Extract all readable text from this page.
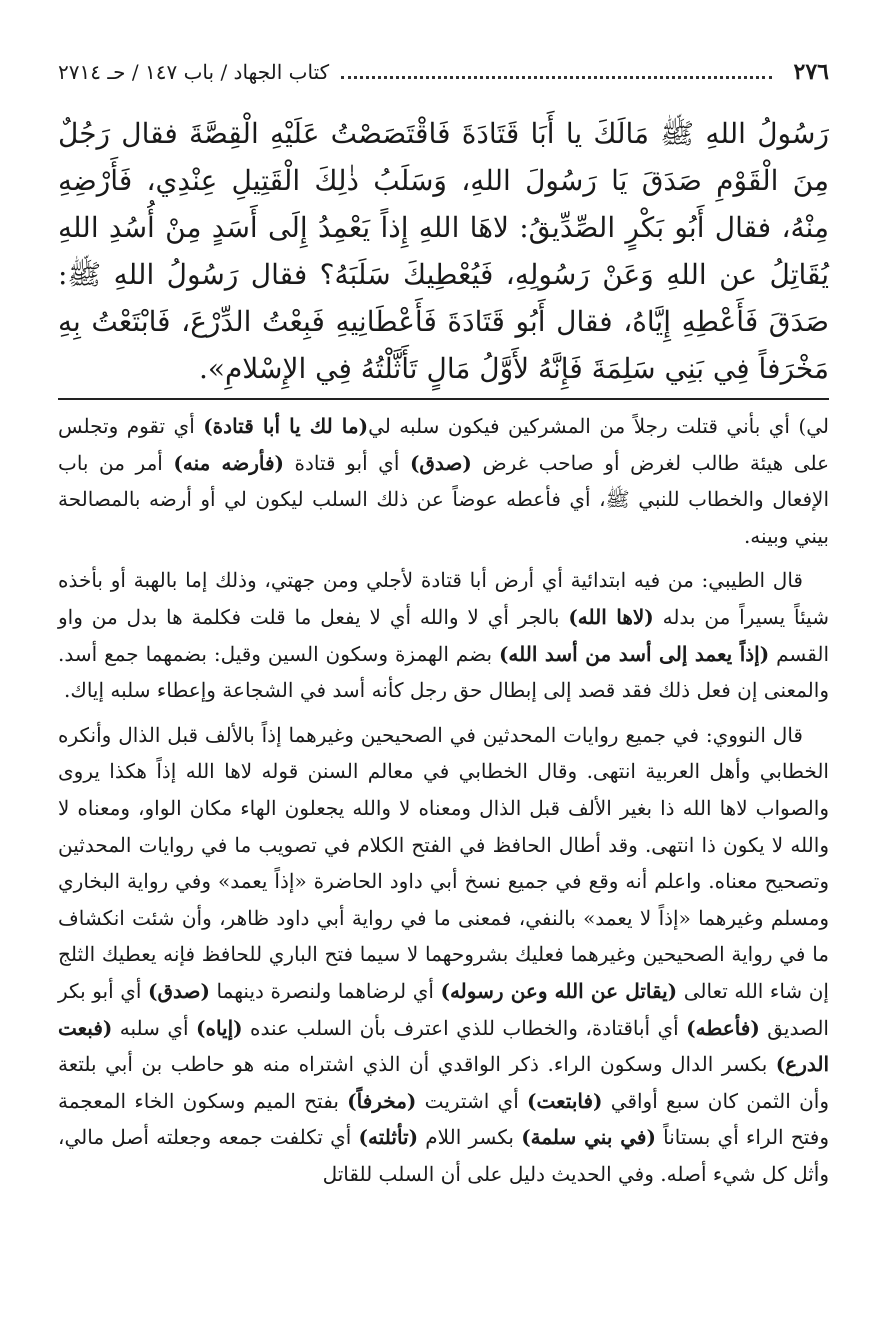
٢٧٦
كتاب الجهاد / باب ١٤٧ / حـ ٢٧١٤

رَسُولُ اللهِ ﷺ مَالَكَ يا أَبَا قَتَادَةَ فَاقْتَصَصْتُ عَلَيْهِ الْقِصَّةَ فقال رَجُلٌ مِنَ الْقَوْمِ صَدَقَ يَا رَسُولَ اللهِ، وَسَلَبُ ذٰلِكَ الْقَتِيلِ عِنْدِي، فَأَرْضِهِ مِنْهُ، فقال أَبُو بَكْرٍ الصِّدِّيقُ: لاهَا اللهِ إِذاً يَعْمِدُ إِلَى أَسَدٍ مِنْ أُسُدِ اللهِ يُقَاتِلُ عن اللهِ وَعَنْ رَسُولِهِ، فَيُعْطِيكَ سَلَبَهُ؟ فقال رَسُولُ اللهِ ﷺ: صَدَقَ فَأَعْطِهِ إِيَّاهُ، فقال أَبُو قَتَادَةَ فَأَعْطَانِيهِ فَبِعْتُ الدِّرْعَ، فَابْتَعْتُ بِهِ مَخْرَفاً فِي بَنِي سَلِمَةَ فَإِنَّهُ لأَوَّلُ مَالٍ تَأَثَّلْتُهُ فِي الإِسْلامِ».

لي) أي بأني قتلت رجلاً من المشركين فيكون سلبه لي(ما لك يا أبا قتادة) أي تقوم وتجلس على هيئة طالب لغرض أو صاحب غرض (صدق) أي أبو قتادة (فأرضه منه) أمر من باب الإفعال والخطاب للنبي ﷺ، أي فأعطه عوضاً عن ذلك السلب ليكون لي أو أرضه بالمصالحة بيني وبينه.

قال الطيبي: من فيه ابتدائية أي أرض أبا قتادة لأجلي ومن جهتي، وذلك إما بالهبة أو بأخذه شيئاً يسيراً من بدله (لاها الله) بالجر أي لا والله أي لا يفعل ما قلت فكلمة ها بدل من واو القسم (إذاً يعمد إلى أسد من أسد الله) بضم الهمزة وسكون السين وقيل: بضمهما جمع أسد. والمعنى إن فعل ذلك فقد قصد إلى إبطال حق رجل كأنه أسد في الشجاعة وإعطاء سلبه إياك.

قال النووي: في جميع روايات المحدثين في الصحيحين وغيرهما إذاً بالألف قبل الذال وأنكره الخطابي وأهل العربية انتهى. وقال الخطابي في معالم السنن قوله لاها الله إذاً هكذا يروى والصواب لاها الله ذا بغير الألف قبل الذال ومعناه لا والله يجعلون الهاء مكان الواو، ومعناه لا والله لا يكون ذا انتهى. وقد أطال الحافظ في الفتح الكلام في تصويب ما في روايات المحدثين وتصحيح معناه. واعلم أنه وقع في جميع نسخ أبي داود الحاضرة «إذاً يعمد» وفي رواية البخاري ومسلم وغيرهما «إذاً لا يعمد» بالنفي، فمعنى ما في رواية أبي داود ظاهر، وأن شئت انكشاف ما في رواية الصحيحين وغيرهما فعليك بشروحهما لا سيما فتح الباري للحافظ فإنه يعطيك الثلج إن شاء الله تعالى (يقاتل عن الله وعن رسوله) أي لرضاهما ولنصرة دينهما (صدق) أي أبو بكر الصديق (فأعطه) أي أباقتادة، والخطاب للذي اعترف بأن السلب عنده (إياه) أي سلبه (فبعت الدرع) بكسر الدال وسكون الراء. ذكر الواقدي أن الذي اشتراه منه هو حاطب بن أبي بلتعة وأن الثمن كان سبع أواقي (فابتعت) أي اشتريت (مخرفاً) بفتح الميم وسكون الخاء المعجمة وفتح الراء أي بستاناً (في بني سلمة) بكسر اللام (تأثلته) أي تكلفت جمعه وجعلته أصل مالي، وأثل كل شيء أصله. وفي الحديث دليل على أن السلب للقاتل
